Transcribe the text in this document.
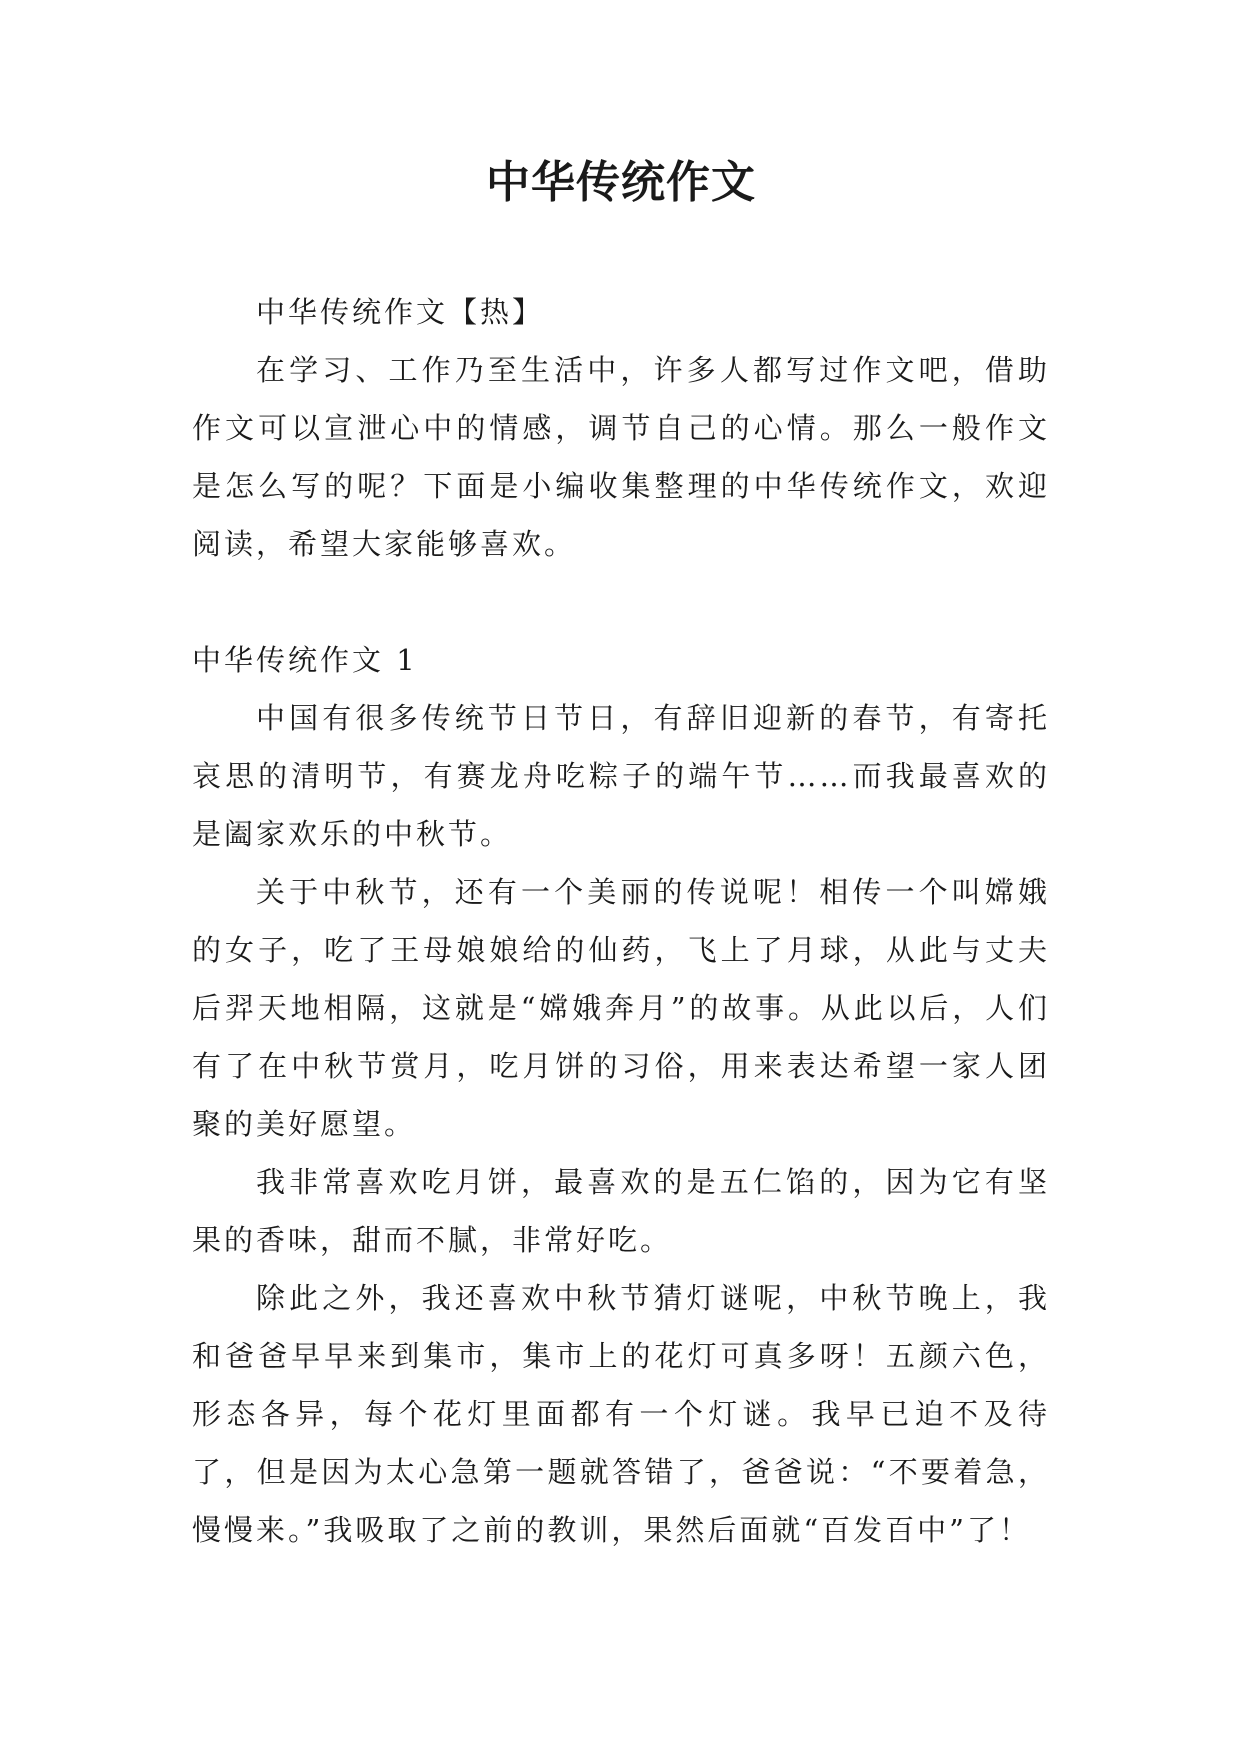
中华传统作文

中华传统作文【热】

在学习、工作乃至生活中，许多人都写过作文吧，借助作文可以宣泄心中的情感，调节自己的心情。那么一般作文是怎么写的呢？下面是小编收集整理的中华传统作文，欢迎阅读，希望大家能够喜欢。

中华传统作文 1

中国有很多传统节日节日，有辞旧迎新的春节，有寄托哀思的清明节，有赛龙舟吃粽子的端午节……而我最喜欢的是阖家欢乐的中秋节。

关于中秋节，还有一个美丽的传说呢！相传一个叫嫦娥的女子，吃了王母娘娘给的仙药，飞上了月球，从此与丈夫后羿天地相隔，这就是“嫦娥奔月”的故事。从此以后，人们有了在中秋节赏月，吃月饼的习俗，用来表达希望一家人团聚的美好愿望。

我非常喜欢吃月饼，最喜欢的是五仁馅的，因为它有坚果的香味，甜而不腻，非常好吃。

除此之外，我还喜欢中秋节猜灯谜呢，中秋节晚上，我和爸爸早早来到集市，集市上的花灯可真多呀！五颜六色，形态各异，每个花灯里面都有一个灯谜。我早已迫不及待了，但是因为太心急第一题就答错了，爸爸说：“不要着急，慢慢来。”我吸取了之前的教训，果然后面就“百发百中”了！
